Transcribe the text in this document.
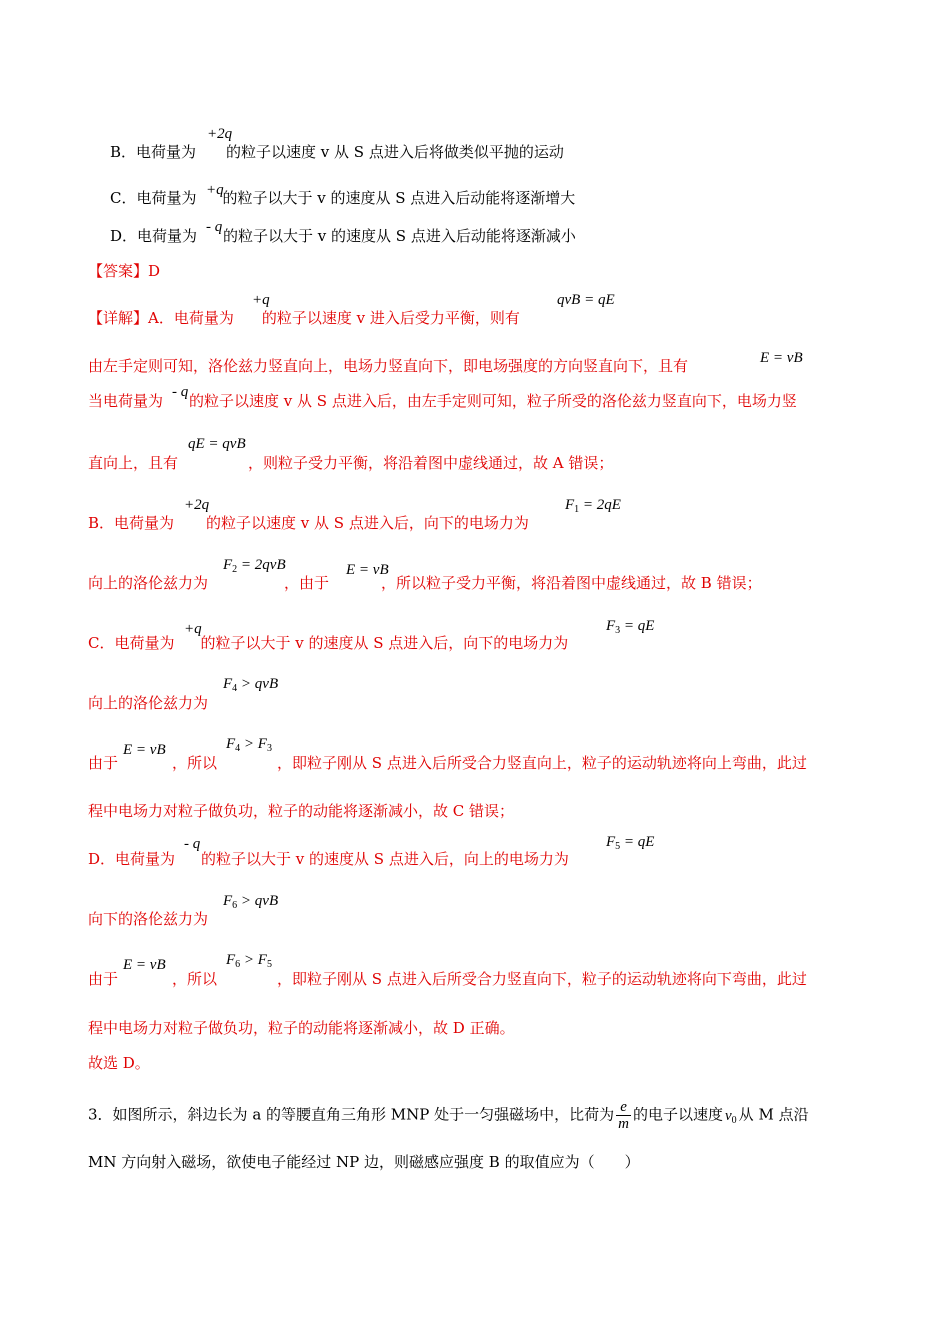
B．电荷量为 的粒子以速度 v 从 S 点进入后将做类似平抛的运动
+2q
C．电荷量为 的粒子以大于 v 的速度从 S 点进入后动能将逐渐增大
+q
D．电荷量为 的粒子以大于 v 的速度从 S 点进入后动能将逐渐减小
- q
【答案】D
【详解】A．电荷量为 的粒子以速度 v 进入后受力平衡，则有
+q	qvB = qE
由左手定则可知，洛伦兹力竖直向上，电场力竖直向下，即电场强度的方向竖直向下，且有	E = vB
当电荷量为 的粒子以速度 v 从 S 点进入后，由左手定则可知，粒子所受的洛伦兹力竖直向下，电场力竖
- q
直向上，且有	，则粒子受力平衡，将沿着图中虚线通过，故 A 错误；
qE = qvB
B．电荷量为 的粒子以速度 v 从 S 点进入后，向下的电场力为
+2q	$F_1 = 2qE$
向上的洛伦兹力为	，由于	，所以粒子受力平衡，将沿着图中虚线通过，故 B 错误；
$F_2 = 2qvB$	E = vB
C．电荷量为 的粒子以大于 v 的速度从 S 点进入后，向下的电场力为
+q	$F_3$ = qE
向上的洛伦兹力为
$F_4$ > qvB
由于	，所以	，即粒子刚从 S 点进入后所受合力竖直向上，粒子的运动轨迹将向上弯曲，此过
E = vB	$F_4 > F_3$
程中电场力对粒子做负功，粒子的动能将逐渐减小，故 C 错误；
D．电荷量为 的粒子以大于 v 的速度从 S 点进入后，向上的电场力为
- q	$F_5$ = qE
向下的洛伦兹力为
$F_6$ > qvB
由于	，所以	，即粒子刚从 S 点进入后所受合力竖直向下，粒子的运动轨迹将向下弯曲，此过
E = vB	$F_6 > F_5$
程中电场力对粒子做负功，粒子的动能将逐渐减小，故 D 正确。
故选 D。
3．如图所示，斜边长为 a 的等腰直角三角形 MNP 处于一匀强磁场中，比荷为 $\frac{e}{m}$ 的电子以速度 $v_0$ 从 M 点沿
MN 方向射入磁场，欲使电子能经过 NP 边，则磁感应强度 B 的取值应为（　　）
